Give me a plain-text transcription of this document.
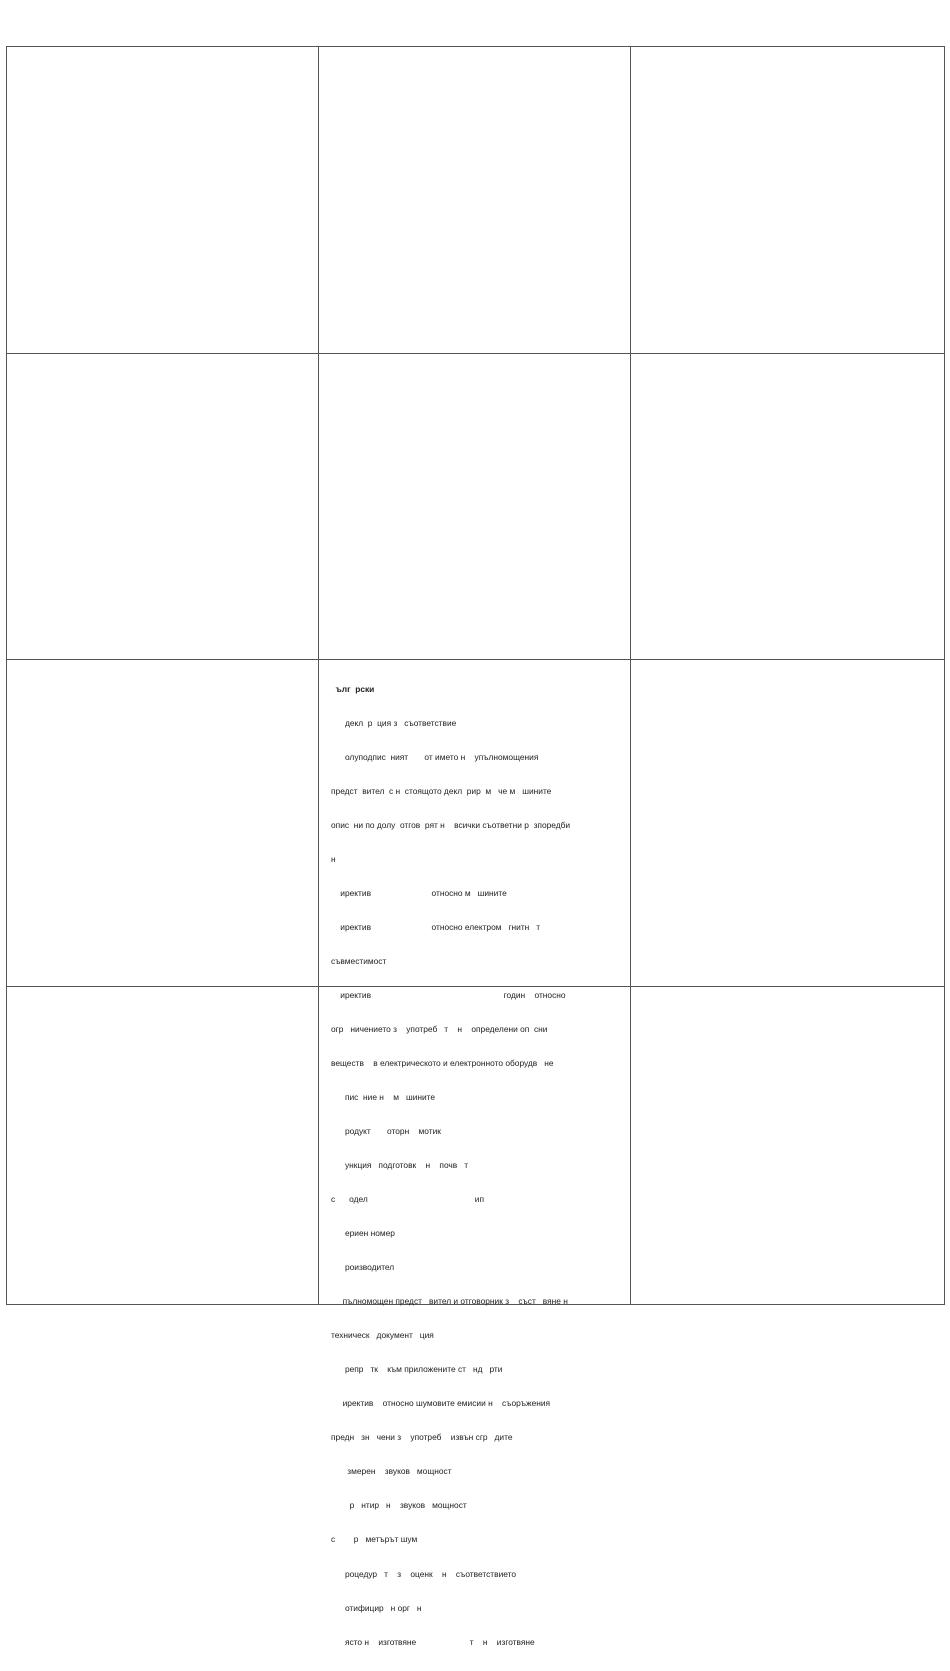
ълг  рски

декл  р  ция з   съответствие

олуподпис  ният       от името н    упълномощения

предст  вител  с н  стоящото декл  рир  м   че м   шините

опис  ни по долу  отгов  рят н    всички съответни р  зпоредби

н

иректив                          относно м   шините

иректив                          относно електром   гнитн   т

съвместимост

иректив                                                         годин    относно

огр   ничението з    употреб   т    н    определени оп  сни

веществ    в електрическото и електронното оборудв   не

пис  ние н    м   шините

родукт       оторн    мотик

ункция   подготовк    н    почв   т

с      одел                                              ип

ериен номер

роизводител

пълномощен предст   вител и отговорник з    съст   вяне н

техническ   документ   ция

репр   тк    към приложените ст   нд   рти

иректив    относно шумовите емисии н    съоръжения

предн   зн   чени з    употреб    извън сгр   дите

змерен    звуков   мощност

р   нтир   н    звуков   мощност

с        р   метърът шум

роцедур   т    з    оценк    н    съответствието

отифицир   н орг   н

ясто н    изготвяне                       т    н    изготвяне
